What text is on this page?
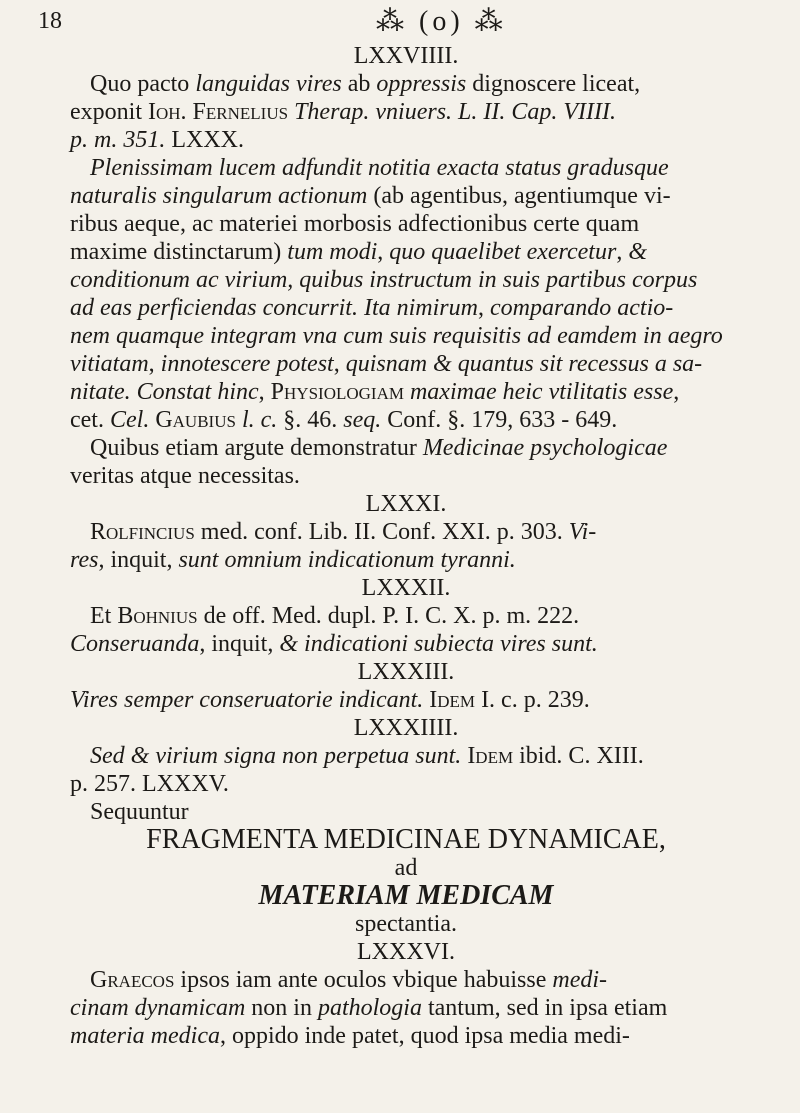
18	⁂ (o) ⁂
LXXVIIII.
Quo pacto languidas vires ab oppressis dignoscere liceat,
exponit Ioh. Fernelius Therap. vniuers. L. II. Cap. VIIII.
p. m. 351. LXXX.
Plenissimam lucem adfundit notitia exacta status gradusque
naturalis singularum actionum (ab agentibus, agentiumque vi-
ribus aeque, ac materiei morbosis adfectionibus certe quam
maxime distinctarum) tum modi, quo quaelibet exercetur, &
conditionum ac virium, quibus instructum in suis partibus corpus
ad eas perficiendas concurrit. Ita nimirum, comparando actio-
nem quamque integram vna cum suis requisitis ad eamdem in aegro
vitiatam, innotescere potest, quisnam & quantus sit recessus a sa-
nitate. Constat hinc, Physiologiam maximae heic vtilitatis esse,
cet. Cel. Gaubius l. c. §. 46. seq. Conf. §. 179, 633 - 649.
Quibus etiam argute demonstratur Medicinae psychologicae
veritas atque necessitas.
LXXXI.
Rolfincius med. conf. Lib. II. Conf. XXI. p. 303. Vi-
res, inquit, sunt omnium indicationum tyranni.
LXXXII.
Et Bohnius de off. Med. dupl. P. I. C. X. p. m. 222.
Conseruanda, inquit, & indicationi subiecta vires sunt.
LXXXIII.
Vires semper conseruatorie indicant. Idem I. c. p. 239.
LXXXIIII.
Sed & virium signa non perpetua sunt. Idem ibid. C. XIII.
p. 257. LXXXV.
Sequuntur
FRAGMENTA MEDICINAE DYNAMICAE,
ad
MATERIAM MEDICAM
spectantia.
LXXXVI.
Graecos ipsos iam ante oculos vbique habuisse medi-
cinam dynamicam non in pathologia tantum, sed in ipsa etiam
materia medica, oppido inde patet, quod ipsa media medi-
